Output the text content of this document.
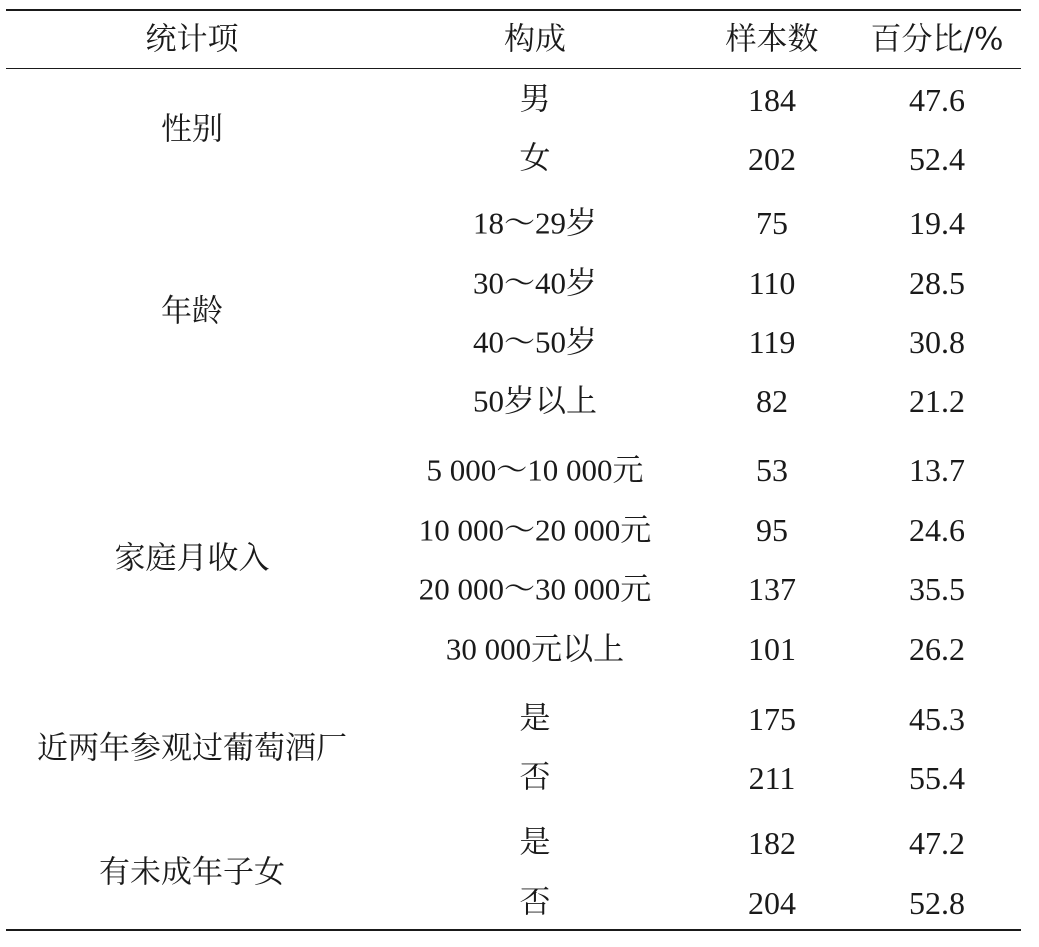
统计项	构成	样本数 百分比/%
性别
男	184	47.6
女	202	52.4
年龄
18～29岁	75	19.4
30～40岁	110	28.5
40～50岁	119	30.8
50岁以上	82	21.2
家庭月收入
5 000～10 000元	53	13.7
10 000～20 000元	95	24.6
20 000～30 000元	137	35.5
30 000元以上	101	26.2
近两年参观过葡萄酒厂
是	175	45.3
否	211	55.4
有未成年子女
是	182	47.2
否	204	52.8
